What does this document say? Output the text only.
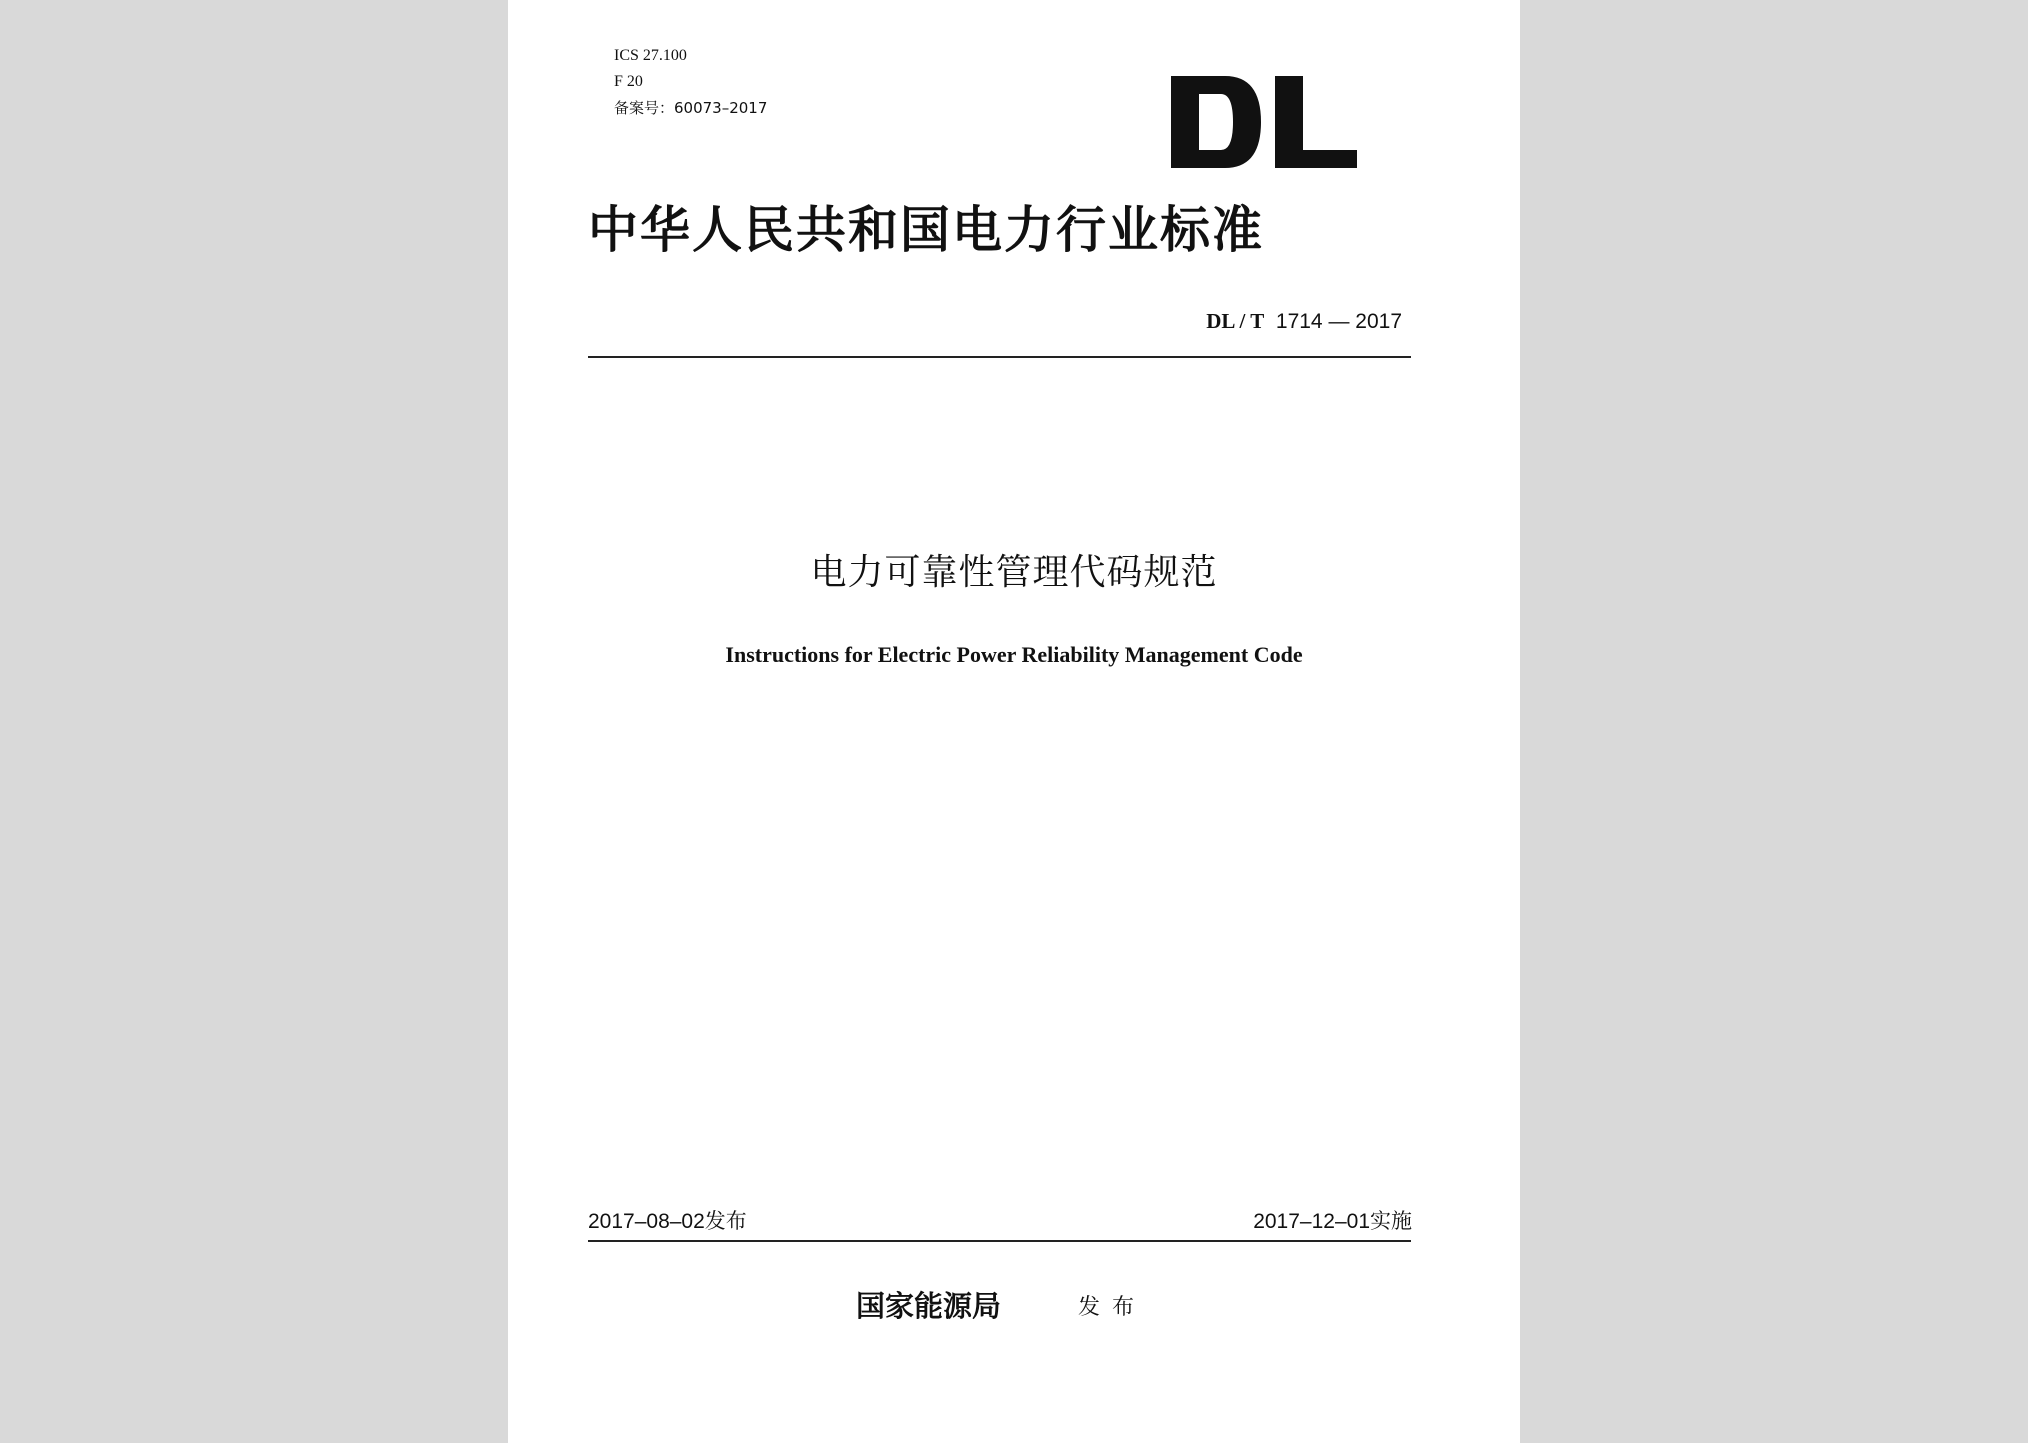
ICS 27.100
F 20
备案号：60073–2017
中华人民共和国电力行业标准
DL / T 1714 — 2017
电力可靠性管理代码规范
Instructions for Electric Power Reliability Management Code
2017–08–02发布	2017–12–01实施
国家能源局	发布
